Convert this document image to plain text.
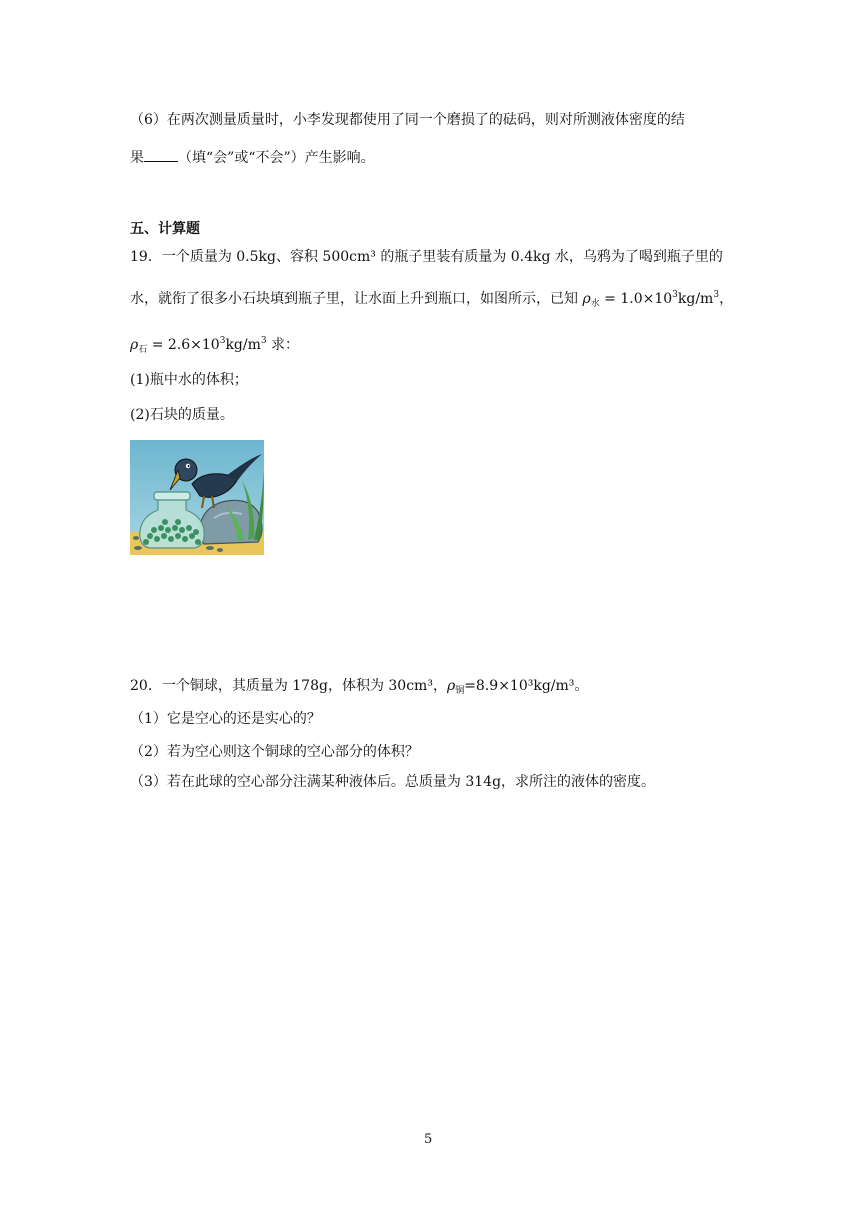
（6）在两次测量质量时，小李发现都使用了同一个磨损了的砝码，则对所测液体密度的结
果 （填“会”或“不会”）产生影响。
五、计算题
19．一个质量为 0.5kg、容积 500cm³ 的瓶子里装有质量为 0.4kg 水，乌鸦为了喝到瓶子里的
水，就衔了很多小石块填到瓶子里，让水面上升到瓶口，如图所示，已知 $\rho_水 = 1.0\times 10^3kg/m^3$，
$\rho_石 = 2.6\times 10^3kg/m^3$ 求：
(1)瓶中水的体积；
(2)石块的质量。
20．一个铜球，其质量为 178g，体积为 30cm³，$\rho_铜=8.9\times 10^3kg/m^3$。
（1）它是空心的还是实心的？
（2）若为空心则这个铜球的空心部分的体积？
（3）若在此球的空心部分注满某种液体后。总质量为 314g，求所注的液体的密度。
5
